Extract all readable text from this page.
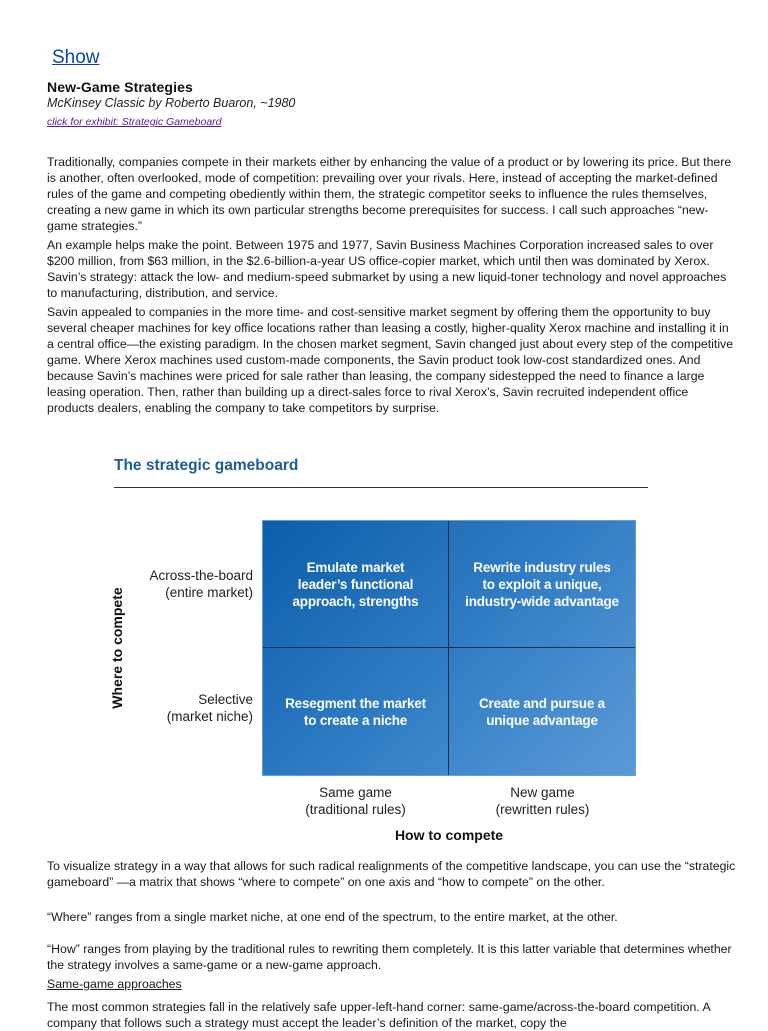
Show
New-Game Strategies
McKinsey Classic by Roberto Buaron, ~1980
click for exhibit: Strategic Gameboard

Traditionally, companies compete in their markets either by enhancing the value of a product or by lowering its price. But there is another, often overlooked, mode of competition: prevailing over your rivals. Here, instead of accepting the market-defined rules of the game and competing obediently within them, the strategic competitor seeks to influence the rules themselves, creating a new game in which its own particular strengths become prerequisites for success. I call such approaches “new-game strategies.”

An example helps make the point. Between 1975 and 1977, Savin Business Machines Corporation increased sales to over $200 million, from $63 million, in the $2.6-billion-a-year US office-copier market, which until then was dominated by Xerox. Savin’s strategy: attack the low- and medium-speed submarket by using a new liquid-toner technology and novel approaches to manufacturing, distribution, and service.

Savin appealed to companies in the more time- and cost-sensitive market segment by offering them the opportunity to buy several cheaper machines for key office locations rather than leasing a costly, higher-quality Xerox machine and installing it in a central office—the existing paradigm. In the chosen market segment, Savin changed just about every step of the competitive game. Where Xerox machines used custom-made components, the Savin product took low-cost standardized ones. And because Savin’s machines were priced for sale rather than leasing, the company sidestepped the need to finance a large leasing operation. Then, rather than building up a direct-sales force to rival Xerox’s, Savin recruited independent office products dealers, enabling the company to take competitors by surprise.

The strategic gameboard
Where to compete
Across-the-board
(entire market)
Selective
(market niche)
Emulate market
leader’s functional
approach, strengths
Rewrite industry rules
to exploit a unique,
industry-wide advantage
Resegment the market
to create a niche
Create and pursue a
unique advantage
Same game
(traditional rules)
New game
(rewritten rules)
How to compete

To visualize strategy in a way that allows for such radical realignments of the competitive landscape, you can use the “strategic gameboard” —a matrix that shows “where to compete” on one axis and “how to compete” on the other.

“Where” ranges from a single market niche, at one end of the spectrum, to the entire market, at the other.

“How” ranges from playing by the traditional rules to rewriting them completely. It is this latter variable that determines whether the strategy involves a same-game or a new-game approach.

Same-game approaches

The most common strategies fall in the relatively safe upper-left-hand corner: same-game/across-the-board competition. A company that follows such a strategy must accept the leader’s definition of the market, copy the
